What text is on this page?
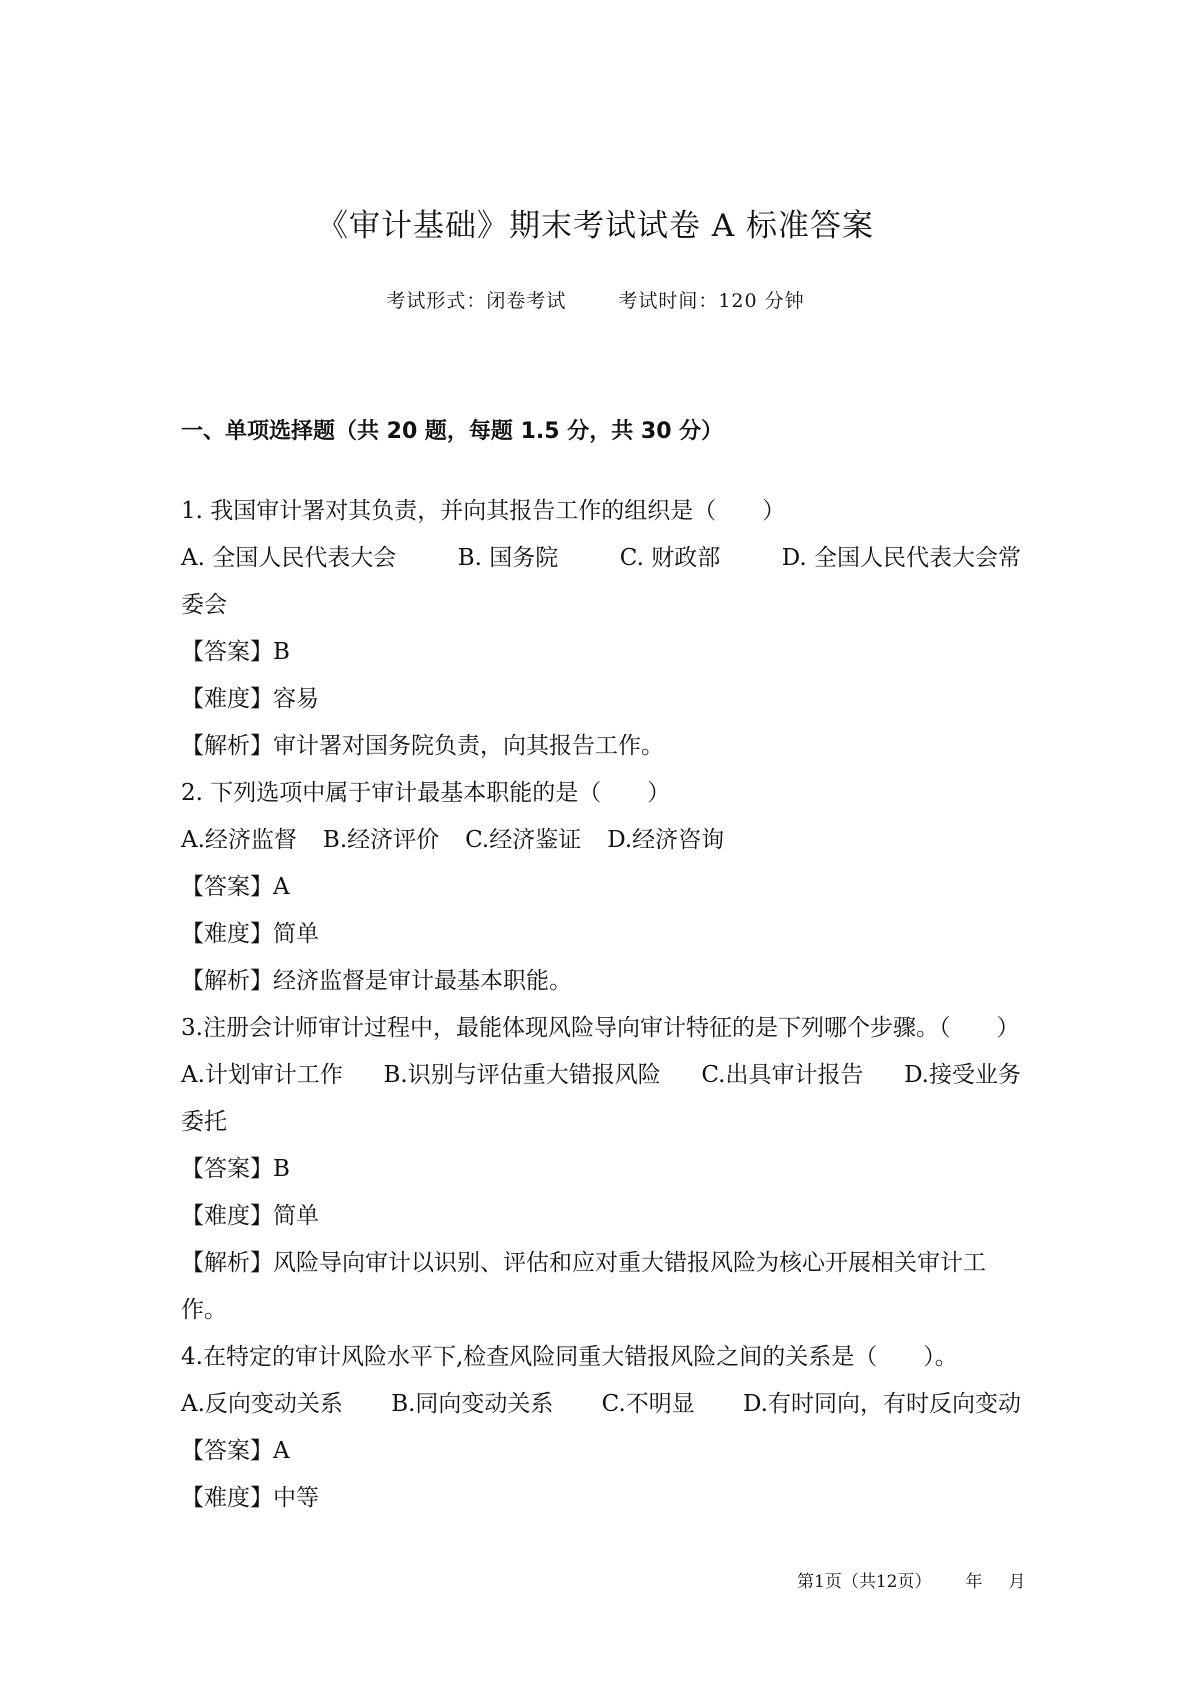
《审计基础》期末考试试卷 A 标准答案
考试形式：闭卷考试	考试时间：120 分钟
一、单项选择题（共 20 题，每题 1.5 分，共 30 分）
1. 我国审计署对其负责，并向其报告工作的组织是（　　）
A. 全国人民代表大会	B. 国务院	C. 财政部	D. 全国人民代表大会常
委会
【答案】B
【难度】容易
【解析】审计署对国务院负责，向其报告工作。
2. 下列选项中属于审计最基本职能的是（　　）
A.经济监督 B.经济评价 C.经济鉴证 D.经济咨询
【答案】A
【难度】简单
【解析】经济监督是审计最基本职能。
3.注册会计师审计过程中，最能体现风险导向审计特征的是下列哪个步骤。（　　）
A.计划审计工作 B.识别与评估重大错报风险 C.出具审计报告 D.接受业务
委托
【答案】B
【难度】简单
【解析】风险导向审计以识别、评估和应对重大错报风险为核心开展相关审计工
作。
4.在特定的审计风险水平下,检查风险同重大错报风险之间的关系是（　　）。
A.反向变动关系 B.同向变动关系 C.不明显 D.有时同向，有时反向变动
【答案】A
【难度】中等
第1页（共12页） 年 月
